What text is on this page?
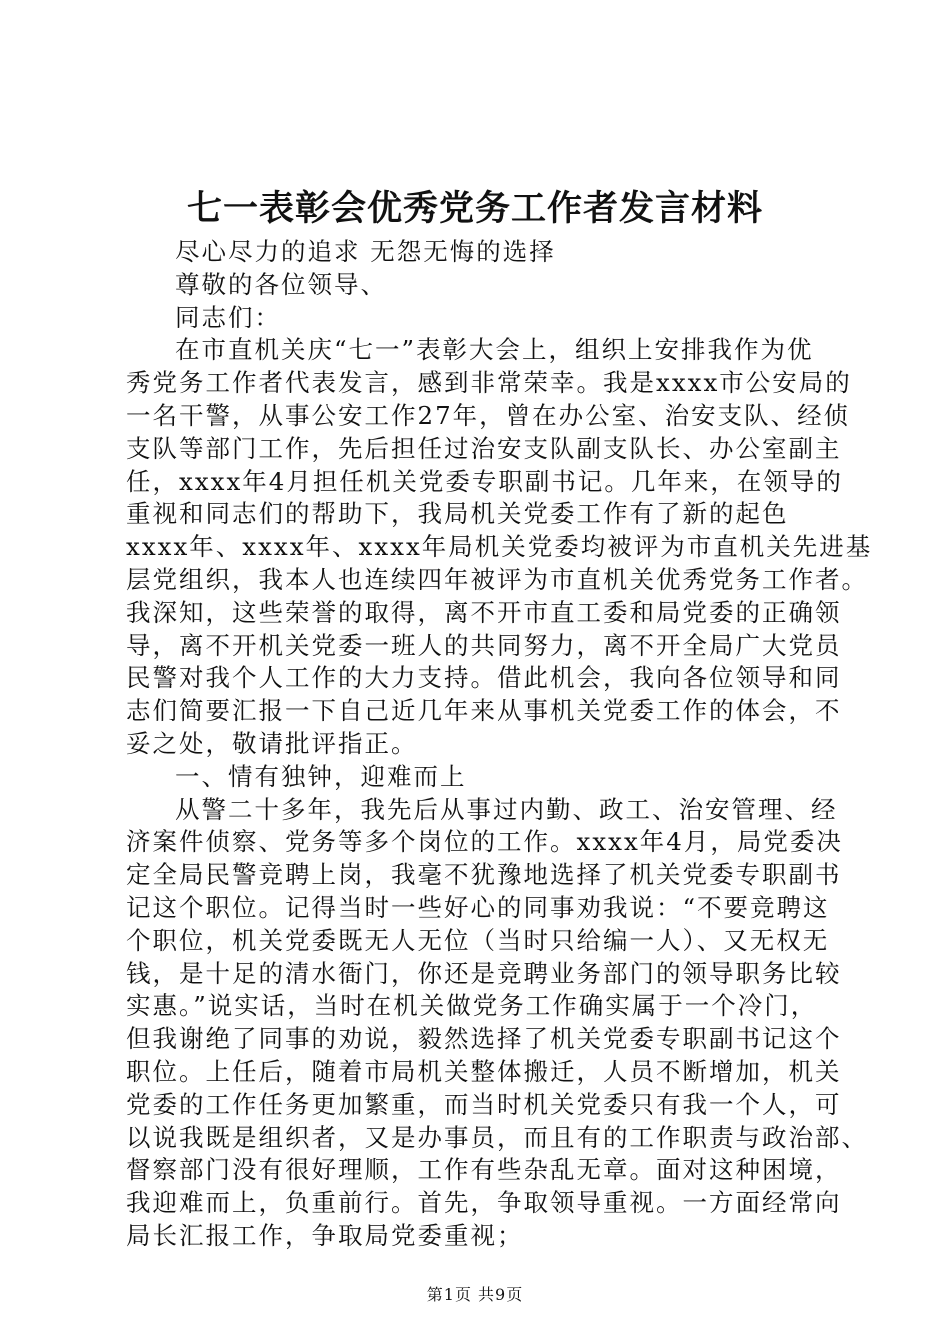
七一表彰会优秀党务工作者发言材料
尽心尽力的追求 无怨无悔的选择
尊敬的各位领导、
同志们：
在市直机关庆“七一”表彰大会上，组织上安排我作为优
秀党务工作者代表发言，感到非常荣幸。我是xxxx市公安局的
一名干警，从事公安工作27年，曾在办公室、治安支队、经侦
支队等部门工作，先后担任过治安支队副支队长、办公室副主
任，xxxx年4月担任机关党委专职副书记。几年来，在领导的
重视和同志们的帮助下，我局机关党委工作有了新的起色
xxxx年、xxxx年、xxxx年局机关党委均被评为市直机关先进基
层党组织，我本人也连续四年被评为市直机关优秀党务工作者。
我深知，这些荣誉的取得，离不开市直工委和局党委的正确领
导，离不开机关党委一班人的共同努力，离不开全局广大党员
民警对我个人工作的大力支持。借此机会，我向各位领导和同
志们简要汇报一下自己近几年来从事机关党委工作的体会，不
妥之处，敬请批评指正。
一、情有独钟，迎难而上
从警二十多年，我先后从事过内勤、政工、治安管理、经
济案件侦察、党务等多个岗位的工作。xxxx年4月，局党委决
定全局民警竞聘上岗，我毫不犹豫地选择了机关党委专职副书
记这个职位。记得当时一些好心的同事劝我说：“不要竞聘这
个职位，机关党委既无人无位（当时只给编一人）、又无权无
钱，是十足的清水衙门，你还是竞聘业务部门的领导职务比较
实惠。”说实话，当时在机关做党务工作确实属于一个冷门，
但我谢绝了同事的劝说，毅然选择了机关党委专职副书记这个
职位。上任后，随着市局机关整体搬迁，人员不断增加，机关
党委的工作任务更加繁重，而当时机关党委只有我一个人，可
以说我既是组织者，又是办事员，而且有的工作职责与政治部、
督察部门没有很好理顺，工作有些杂乱无章。面对这种困境，
我迎难而上，负重前行。首先，争取领导重视。一方面经常向
局长汇报工作，争取局党委重视；
第1页 共9页
